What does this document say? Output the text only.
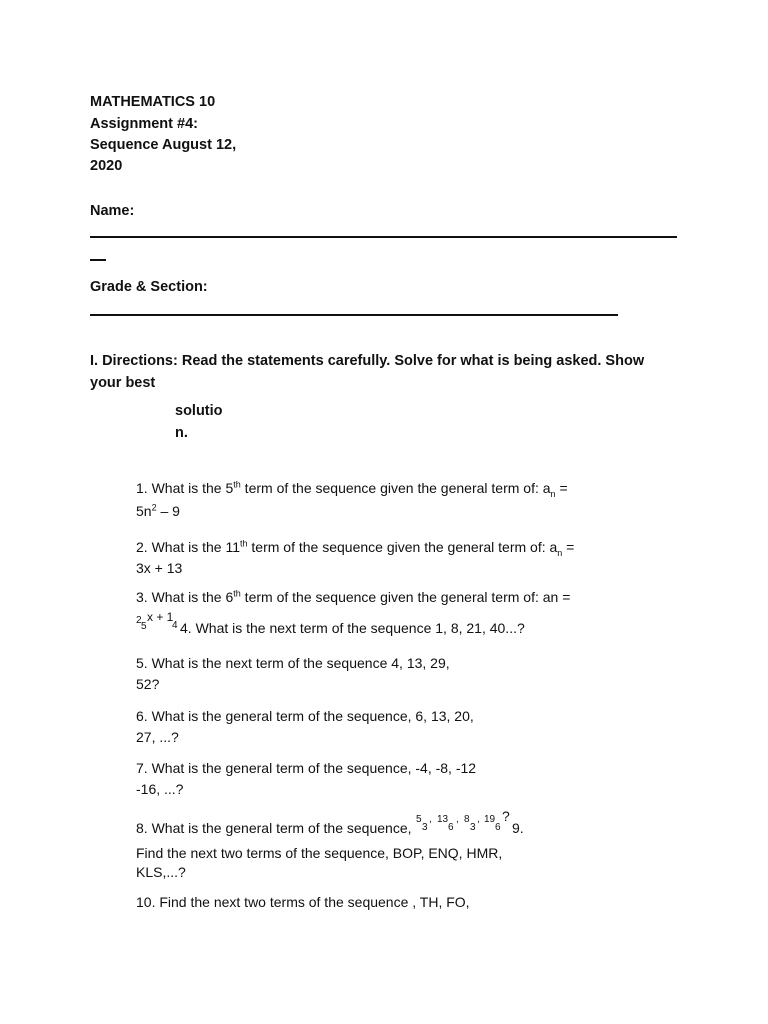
MATHEMATICS 10
Assignment #4:
Sequence August 12,
2020
Name:
Grade & Section:
I. Directions: Read the statements carefully. Solve for what is being asked. Show
your best
solutio
n.
1. What is the 5th term of the sequence given the general term of: $a_n$ =
$5n^2 - 9$
2. What is the 11th term of the sequence given the general term of: $a_n$ =
3x + 13
3. What is the 6th term of the sequence given the general term of: an =
2
5
x + 1
4 4. What is the next term of the sequence 1, 8, 21, 40...?
5. What is the next term of the sequence 4, 13, 29,
52?
6. What is the general term of the sequence, 6, 13, 20,
27, ...?
7. What is the general term of the sequence, -4, -8, -12
-16, ...?
8. What is the general term of the sequence,
5
3
, 13
6
, 8
3
, 19
6
?
9.
Find the next two terms of the sequence, BOP, ENQ, HMR,
KLS,...?
10. Find the next two terms of the sequence , TH, FO,
